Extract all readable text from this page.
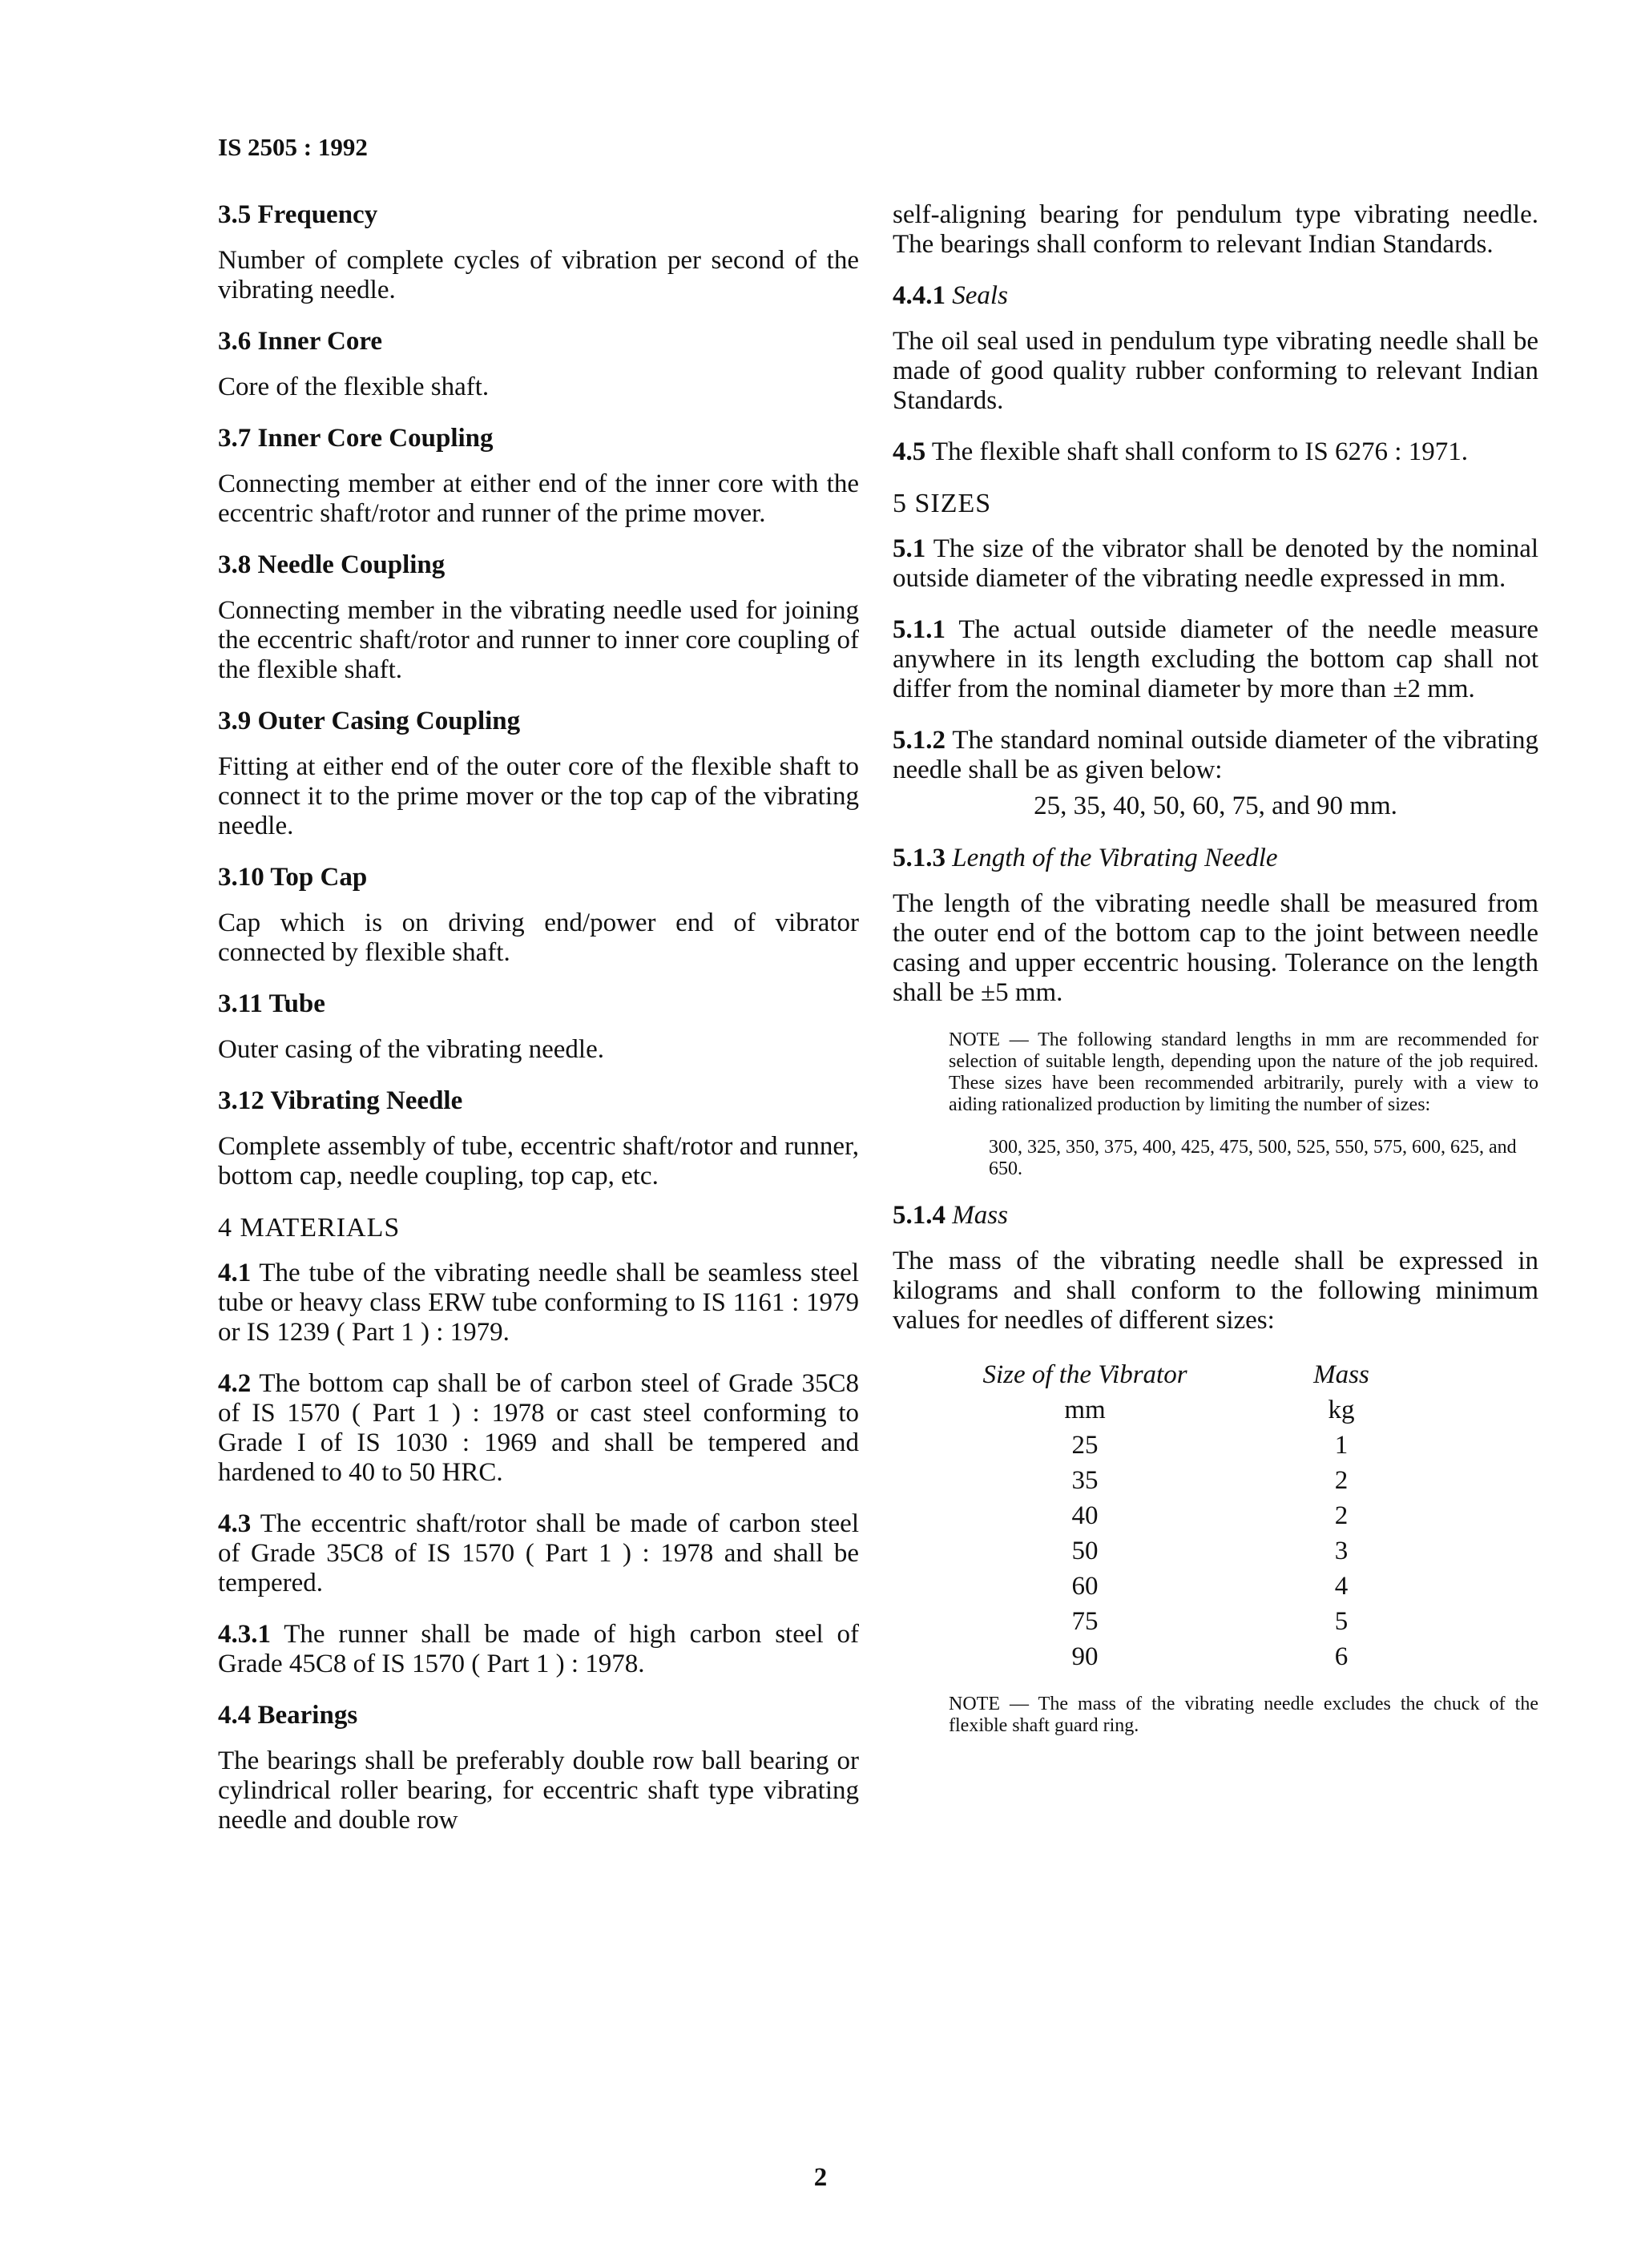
IS 2505 : 1992
3.5 Frequency

Number of complete cycles of vibration per second of the vibrating needle.

3.6 Inner Core

Core of the flexible shaft.

3.7 Inner Core Coupling

Connecting member at either end of the inner core with the eccentric shaft/rotor and runner of the prime mover.

3.8 Needle Coupling

Connecting member in the vibrating needle used for joining the eccentric shaft/rotor and runner to inner core coupling of the flexible shaft.

3.9 Outer Casing Coupling

Fitting at either end of the outer core of the flexible shaft to connect it to the prime mover or the top cap of the vibrating needle.

3.10 Top Cap

Cap which is on driving end/power end of vibrator connected by flexible shaft.

3.11 Tube

Outer casing of the vibrating needle.

3.12 Vibrating Needle

Complete assembly of tube, eccentric shaft/rotor and runner, bottom cap, needle coupling, top cap, etc.

4 MATERIALS

4.1 The tube of the vibrating needle shall be seamless steel tube or heavy class ERW tube conforming to IS 1161 : 1979 or IS 1239 ( Part 1 ) : 1979.

4.2 The bottom cap shall be of carbon steel of Grade 35C8 of IS 1570 ( Part 1 ) : 1978 or cast steel conforming to Grade I of IS 1030 : 1969 and shall be tempered and hardened to 40 to 50 HRC.

4.3 The eccentric shaft/rotor shall be made of carbon steel of Grade 35C8 of IS 1570 ( Part 1 ) : 1978 and shall be tempered.

4.3.1 The runner shall be made of high carbon steel of Grade 45C8 of IS 1570 ( Part 1 ) : 1978.

4.4 Bearings

The bearings shall be preferably double row ball bearing or cylindrical roller bearing, for eccentric shaft type vibrating needle and double row

self-aligning bearing for pendulum type vibrating needle. The bearings shall conform to relevant Indian Standards.

4.4.1 Seals

The oil seal used in pendulum type vibrating needle shall be made of good quality rubber conforming to relevant Indian Standards.

4.5 The flexible shaft shall conform to IS 6276 : 1971.

5 SIZES

5.1 The size of the vibrator shall be denoted by the nominal outside diameter of the vibrating needle expressed in mm.

5.1.1 The actual outside diameter of the needle measure anywhere in its length excluding the bottom cap shall not differ from the nominal diameter by more than ±2 mm.

5.1.2 The standard nominal outside diameter of the vibrating needle shall be as given below:

25, 35, 40, 50, 60, 75, and 90 mm.
5.1.3 Length of the Vibrating Needle

The length of the vibrating needle shall be measured from the outer end of the bottom cap to the joint between needle casing and upper eccentric housing. Tolerance on the length shall be ±5 mm.

NOTE — The following standard lengths in mm are recommended for selection of suitable length, depending upon the nature of the job required. These sizes have been recommended arbitrarily, purely with a view to aiding rationalized production by limiting the number of sizes:
300, 325, 350, 375, 400, 425, 475, 500, 525, 550, 575, 600, 625, and 650.
5.1.4 Mass

The mass of the vibrating needle shall be expressed in kilograms and shall conform to the following minimum values for needles of different sizes:

Size of the Vibrator	Mass
mm	kg
25	1
35	2
40	2
50	3
60	4
75	5
90	6
NOTE — The mass of the vibrating needle excludes the chuck of the flexible shaft guard ring.
2
